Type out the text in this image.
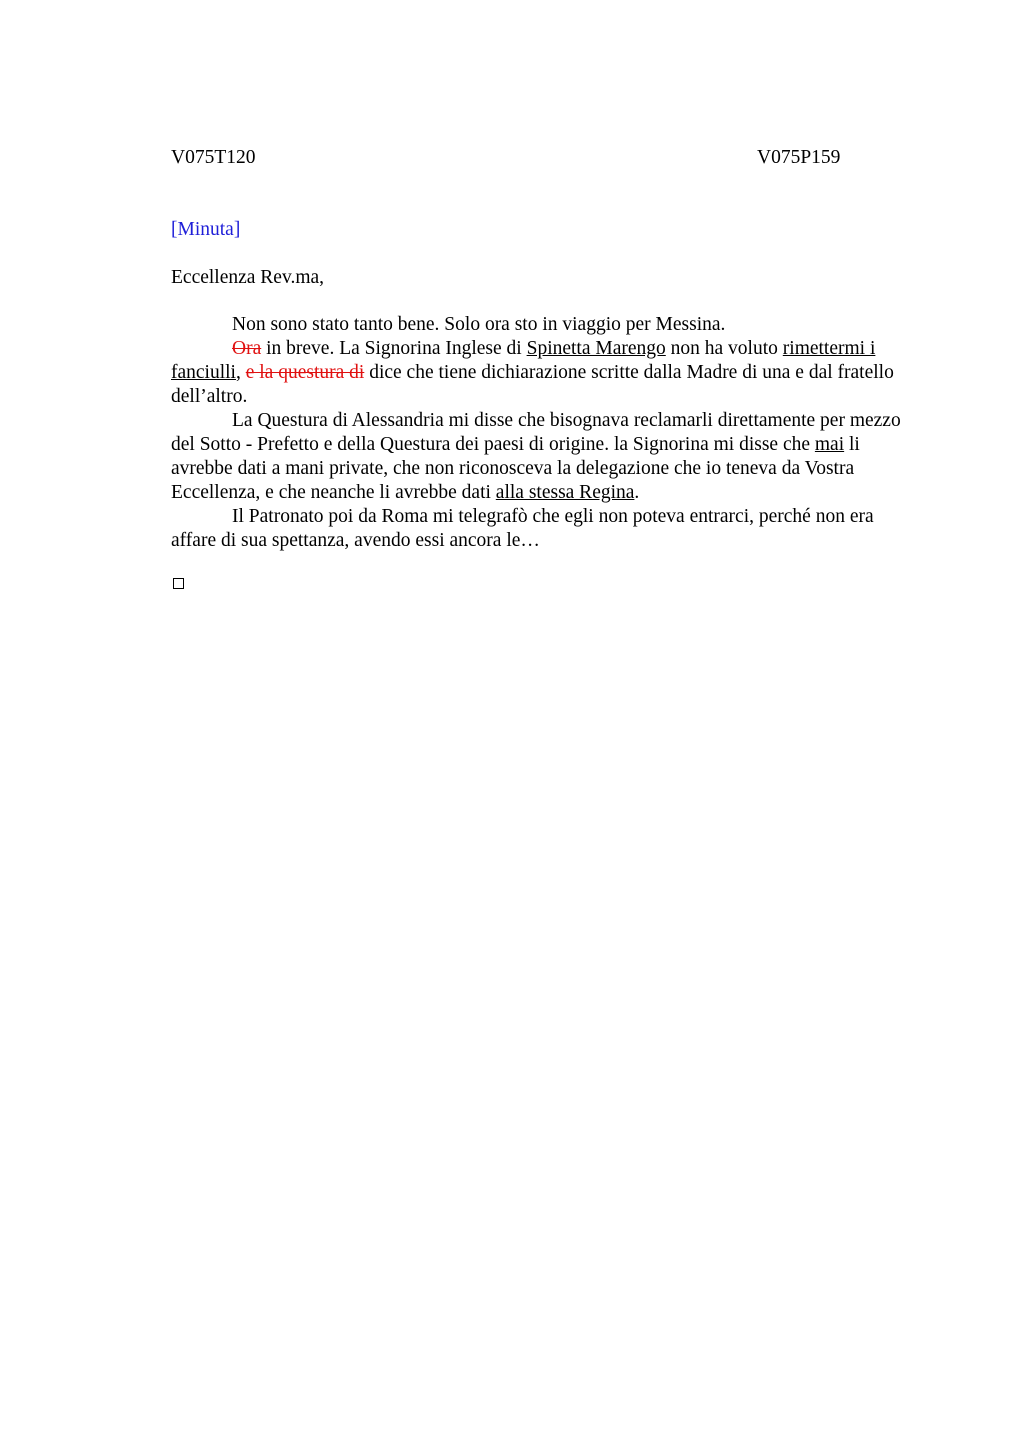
V075T120	V075P159
[Minuta]
Eccellenza Rev.ma,

Non sono stato tanto bene. Solo ora sto in viaggio per Messina.

Ora in breve. La Signorina Inglese di Spinetta Marengo non ha voluto rimettermi i fanciulli, e la questura di dice che tiene dichiarazione scritte dalla Madre di una e dal fratello dell’altro.

La Questura di Alessandria mi disse che bisognava reclamarli direttamente per mezzo del Sotto - Prefetto e della Questura dei paesi di origine. la Signorina mi disse che mai li avrebbe dati a mani private, che non riconosceva la delegazione che io teneva da Vostra Eccellenza, e che neanche li avrebbe dati alla stessa Regina.

Il Patronato poi da Roma mi telegrafò che egli non poteva entrarci, perché non era affare di sua spettanza, avendo essi ancora le…
